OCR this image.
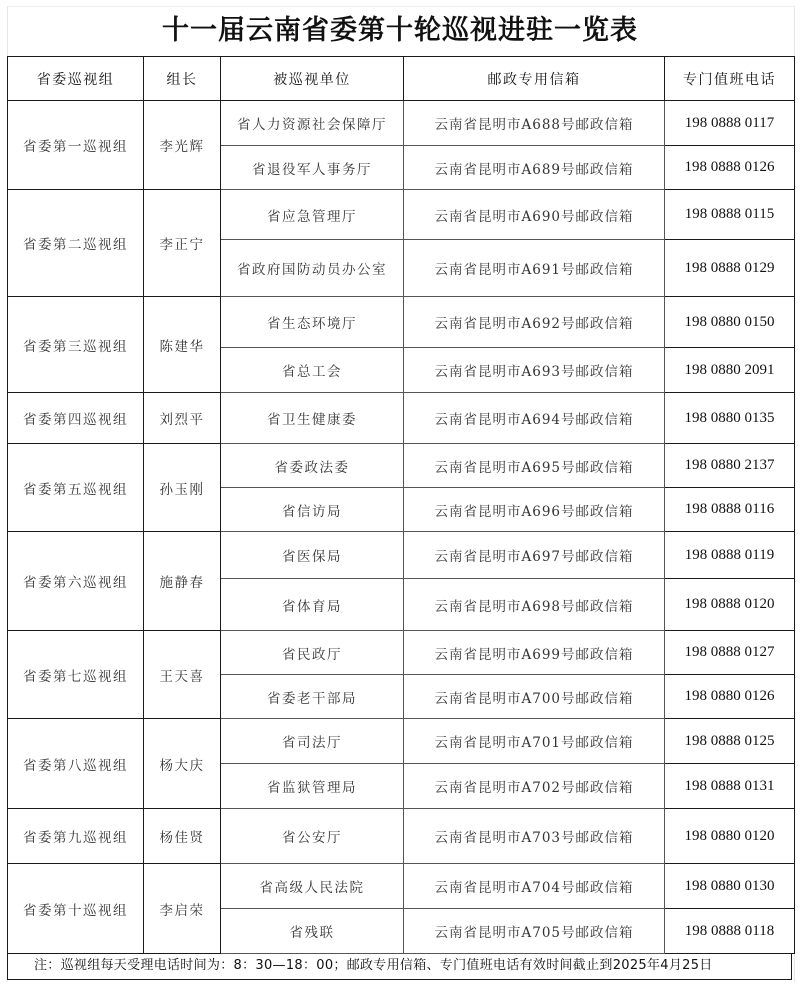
十一届云南省委第十轮巡视进驻一览表
省委巡视组	组长	被巡视单位	邮政专用信箱	专门值班电话
省委第一巡视组	李光辉	省人力资源社会保障厅	云南省昆明市A688号邮政信箱	198 0888 0117
		省退役军人事务厅	云南省昆明市A689号邮政信箱	198 0888 0126
省委第二巡视组	李正宁	省应急管理厅	云南省昆明市A690号邮政信箱	198 0888 0115
		省政府国防动员办公室	云南省昆明市A691号邮政信箱	198 0888 0129
省委第三巡视组	陈建华	省生态环境厅	云南省昆明市A692号邮政信箱	198 0880 0150
		省总工会	云南省昆明市A693号邮政信箱	198 0880 2091
省委第四巡视组	刘烈平	省卫生健康委	云南省昆明市A694号邮政信箱	198 0880 0135
省委第五巡视组	孙玉刚	省委政法委	云南省昆明市A695号邮政信箱	198 0880 2137
		省信访局	云南省昆明市A696号邮政信箱	198 0888 0116
省委第六巡视组	施静春	省医保局	云南省昆明市A697号邮政信箱	198 0888 0119
		省体育局	云南省昆明市A698号邮政信箱	198 0888 0120
省委第七巡视组	王天喜	省民政厅	云南省昆明市A699号邮政信箱	198 0888 0127
		省委老干部局	云南省昆明市A700号邮政信箱	198 0880 0126
省委第八巡视组	杨大庆	省司法厅	云南省昆明市A701号邮政信箱	198 0888 0125
		省监狱管理局	云南省昆明市A702号邮政信箱	198 0888 0131
省委第九巡视组	杨佳贤	省公安厅	云南省昆明市A703号邮政信箱	198 0880 0120
省委第十巡视组	李启荣	省高级人民法院	云南省昆明市A704号邮政信箱	198 0880 0130
		省残联	云南省昆明市A705号邮政信箱	198 0888 0118
注：巡视组每天受理电话时间为：8：30—18：00；邮政专用信箱、专门值班电话有效时间截止到2025年4月25日
